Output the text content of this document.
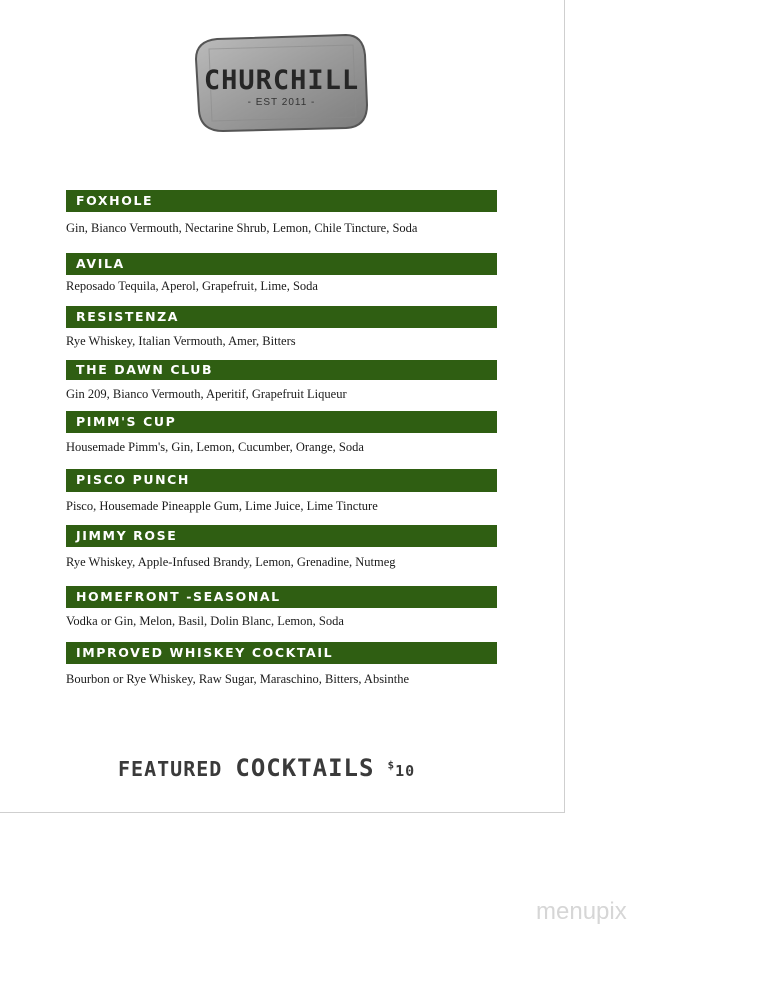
CHURCHILL
- EST 2011 -
FOXHOLE
Gin, Bianco Vermouth, Nectarine Shrub, Lemon, Chile Tincture, Soda
AVILA
Reposado Tequila, Aperol, Grapefruit, Lime, Soda
RESISTENZA
Rye Whiskey, Italian Vermouth, Amer, Bitters
THE DAWN CLUB
Gin 209, Bianco Vermouth, Aperitif, Grapefruit Liqueur
PIMM'S CUP
Housemade Pimm's, Gin, Lemon, Cucumber, Orange, Soda
PISCO PUNCH
Pisco, Housemade Pineapple Gum, Lime Juice, Lime Tincture
JIMMY ROSE
Rye Whiskey, Apple-Infused Brandy, Lemon, Grenadine, Nutmeg
HOMEFRONT -SEASONAL
Vodka or Gin, Melon, Basil, Dolin Blanc, Lemon, Soda
IMPROVED WHISKEY COCKTAIL
Bourbon or Rye Whiskey, Raw Sugar, Maraschino, Bitters, Absinthe
FEATURED COCKTAILS $10
menupix
